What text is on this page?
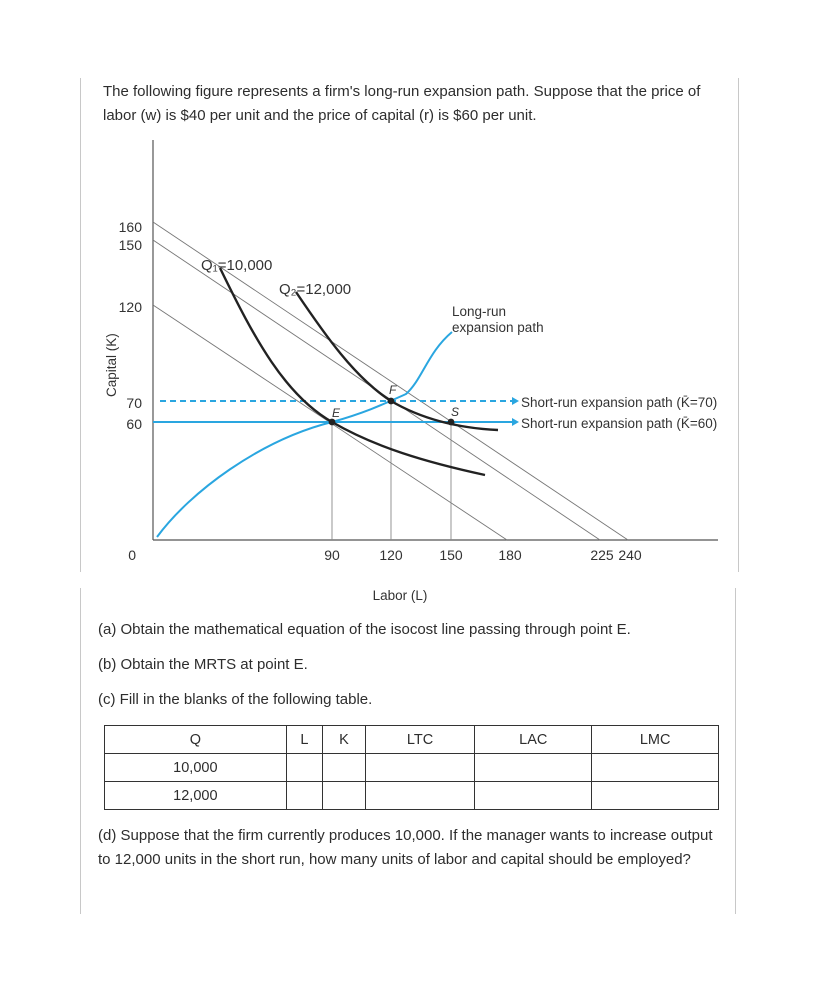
The following figure represents a firm's long-run expansion path. Suppose that the price of labor (w) is $40 per unit and the price of capital (r) is $60 per unit.
160
150
120
70
60
0	90	120	150	180	225 240
Capital (K)
Labor (L)
Q₁=10,000
Q₂=12,000
Long-run
expansion path
Short-run expansion path (K̄=70)
Short-run expansion path (K̄=60)
E
F
S
(a) Obtain the mathematical equation of the isocost line passing through point E.
(b) Obtain the MRTS at point E.
(c) Fill in the blanks of the following table.
Q	L	K	LTC	LAC	LMC
10,000					
12,000					
(d) Suppose that the firm currently produces 10,000. If the manager wants to increase output to 12,000 units in the short run, how many units of labor and capital should be employed?
